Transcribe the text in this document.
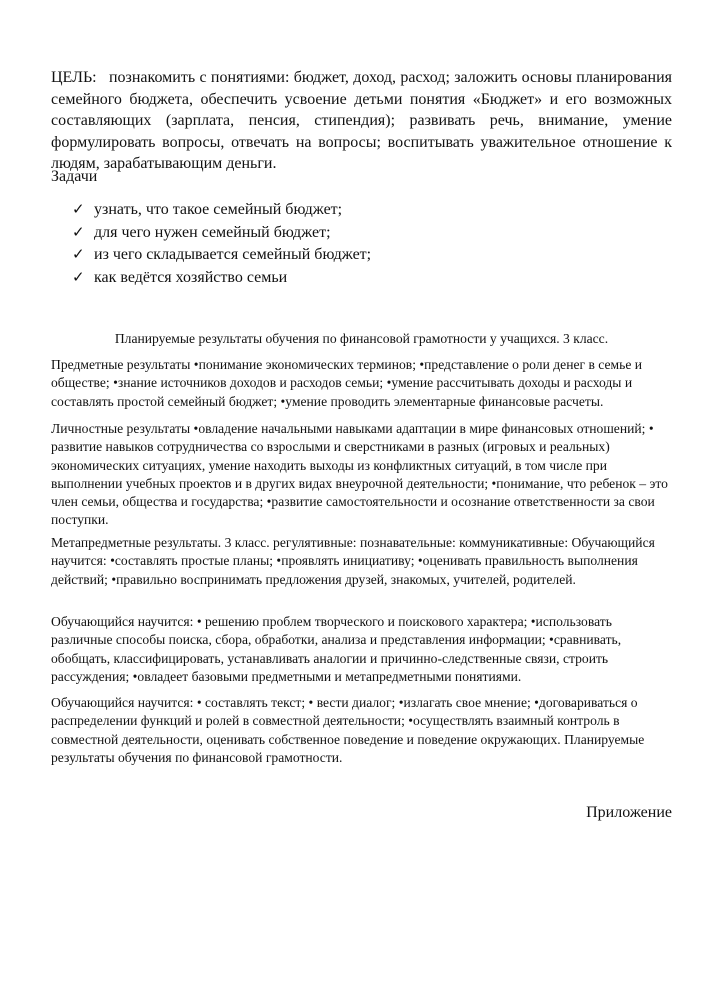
ЦЕЛЬ: познакомить с понятиями: бюджет, доход, расход; заложить основы планирования семейного бюджета, обеспечить усвоение детьми понятия «Бюджет» и его возможных составляющих (зарплата, пенсия, стипендия); развивать речь, внимание, умение формулировать вопросы, отвечать на вопросы; воспитывать уважительное отношение к людям, зарабатывающим деньги.

Задачи
✓ узнать, что такое семейный бюджет;
✓ для чего нужен семейный бюджет;
✓ из чего складывается семейный бюджет;
✓ как ведётся хозяйство семьи
Планируемые результаты обучения по финансовой грамотности у учащихся. 3 класс.

Предметные результаты •понимание экономических терминов; •представление о роли денег в семье и обществе; •знание источников доходов и расходов семьи; •умение рассчитывать доходы и расходы и составлять простой семейный бюджет; •умение проводить элементарные финансовые расчеты.

Личностные результаты •овладение начальными навыками адаптации в мире финансовых отношений; • развитие навыков сотрудничества со взрослыми и сверстниками в разных (игровых и реальных) экономических ситуациях, умение находить выходы из конфликтных ситуаций, в том числе при выполнении учебных проектов и в других видах внеурочной деятельности; •понимание, что ребенок – это член семьи, общества и государства; •развитие самостоятельности и осознание ответственности за свои поступки.

Метапредметные результаты. 3 класс. регулятивные: познавательные: коммуникативные: Обучающийся научится: •составлять простые планы; •проявлять инициативу; •оценивать правильность выполнения действий; •правильно воспринимать предложения друзей, знакомых, учителей, родителей.

Обучающийся научится: • решению проблем творческого и поискового характера; •использовать различные способы поиска, сбора, обработки, анализа и представления информации; •сравнивать, обобщать, классифицировать, устанавливать аналогии и причинно-следственные связи, строить рассуждения; •овладеет базовыми предметными и метапредметными понятиями.

Обучающийся научится: • составлять текст; • вести диалог; •излагать свое мнение; •договариваться о распределении функций и ролей в совместной деятельности; •осуществлять взаимный контроль в совместной деятельности, оценивать собственное поведение и поведение окружающих. Планируемые результаты обучения по финансовой грамотности.

Приложение
